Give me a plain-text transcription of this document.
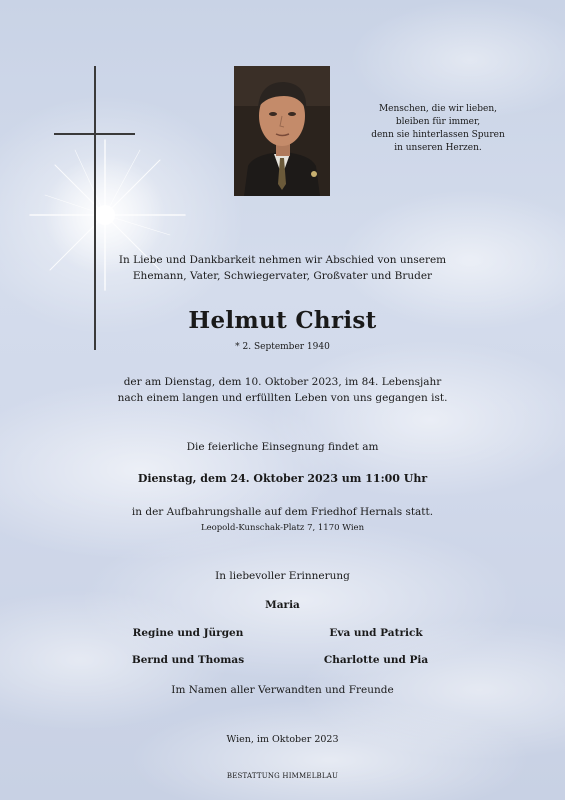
Menschen, die wir lieben,
bleiben für immer,
denn sie hinterlassen Spuren
in unseren Herzen.
In Liebe und Dankbarkeit nehmen wir Abschied von unserem
Ehemann, Vater, Schwiegervater, Großvater und Bruder
Helmut Christ
* 2. September 1940
der am Dienstag, dem 10. Oktober 2023, im 84. Lebensjahr
nach einem langen und erfüllten Leben von uns gegangen ist.
Die feierliche Einsegnung findet am
Dienstag, dem 24. Oktober 2023 um 11:00 Uhr
in der Aufbahrungshalle auf dem Friedhof Hernals statt.
Leopold-Kunschak-Platz 7, 1170 Wien
In liebevoller Erinnerung
Maria
Regine und Jürgen	Eva und Patrick
Bernd und Thomas	Charlotte und Pia
Im Namen aller Verwandten und Freunde
Wien, im Oktober 2023
BESTATTUNG HIMMELBLAU
